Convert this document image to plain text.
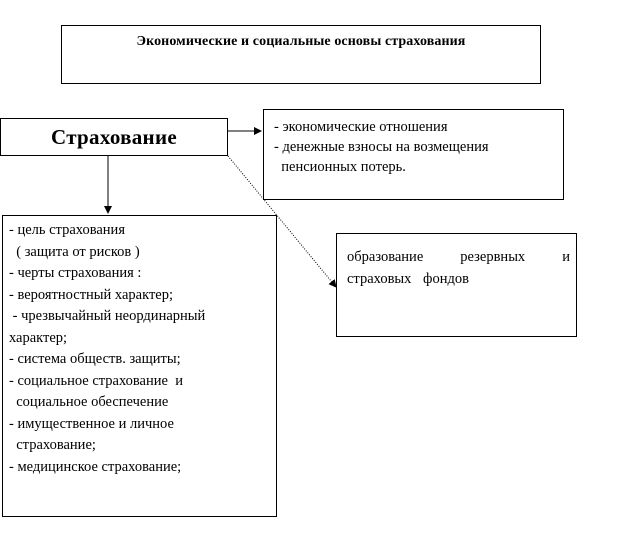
Экономические и социальные основы страхования
Страхование	- экономические отношения
- денежные взносы на возмещения
пенсионных потерь.
образование резервных и
страховых фондов
- цель страхования
( защита от рисков )
- черты страхования :
- вероятностный характер;
- чрезвычайный неординарный
характер;
- система обществ. защиты;
- социальное страхование  и
социальное обеспечение
- имущественное и личное
страхование;
- медицинское страхование;
